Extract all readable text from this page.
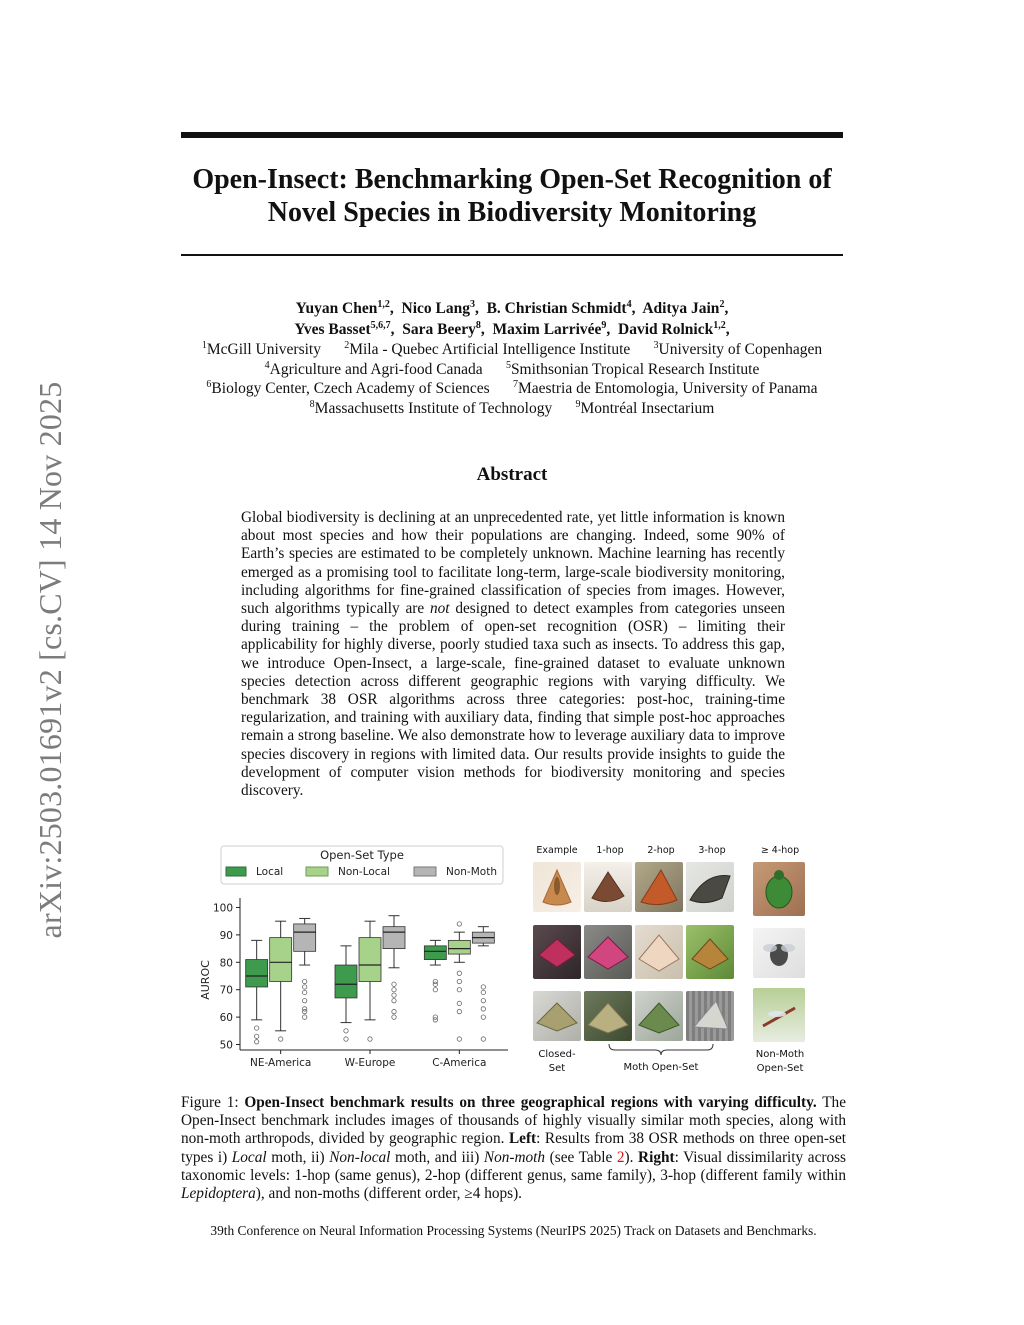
arXiv:2503.01691v2 [cs.CV] 14 Nov 2025
Open-Insect: Benchmarking Open-Set Recognition of
Novel Species in Biodiversity Monitoring
Yuyan Chen$^{1,2}$,  Nico Lang$^3$,  B. Christian Schmidt$^4$,  Aditya Jain$^2$,
Yves Basset$^{5,6,7}$,  Sara Beery$^8$,  Maxim Larrivée$^9$,  David Rolnick$^{1,2}$,
$^1$McGill University $^2$Mila - Quebec Artificial Intelligence Institute $^3$University of Copenhagen
$^4$Agriculture and Agri-food Canada $^5$Smithsonian Tropical Research Institute
$^6$Biology Center, Czech Academy of Sciences $^7$Maestria de Entomologia, University of Panama
$^8$Massachusetts Institute of Technology $^9$Montréal Insectarium
Abstract
Global biodiversity is declining at an unprecedented rate, yet little information is known about most species and how their populations are changing. Indeed, some 90% of Earth’s species are estimated to be completely unknown. Machine learning has recently emerged as a promising tool to facilitate long-term, large-scale biodiversity monitoring, including algorithms for fine-grained classification of species from images. However, such algorithms typically are not designed to detect examples from categories unseen during training – the problem of open-set recognition (OSR) – limiting their applicability for highly diverse, poorly studied taxa such as insects. To address this gap, we introduce Open-Insect, a large-scale, fine-grained dataset to evaluate unknown species detection across different geographic regions with varying difficulty. We benchmark 38 OSR algorithms across three categories: post-hoc, training-time regularization, and training with auxiliary data, finding that simple post-hoc approaches remain a strong baseline. We also demonstrate how to leverage auxiliary data to improve species discovery in regions with limited data. Our results provide insights to guide the development of computer vision methods for biodiversity monitoring and species discovery.
Open-Set Type
Local	Non-Local	Non-Moth
50
60
70
80
90
100
NE-America	W-Europe	C-America
AUROC
Example	1-hop	2-hop	3-hop	≥ 4-hop
Closed-
Set	Moth Open-Set
Non-Moth
Open-Set
Figure 1: Open-Insect benchmark results on three geographical regions with varying difficulty. The Open-Insect benchmark includes images of thousands of highly visually similar moth species, along with non-moth arthropods, divided by geographic region. Left: Results from 38 OSR methods on three open-set types i) Local moth, ii) Non-local moth, and iii) Non-moth (see Table 2). Right: Visual dissimilarity across taxonomic levels: 1-hop (same genus), 2-hop (different genus, same family), 3-hop (different family within Lepidoptera), and non-moths (different order, ≥4 hops).
39th Conference on Neural Information Processing Systems (NeurIPS 2025) Track on Datasets and Benchmarks.
